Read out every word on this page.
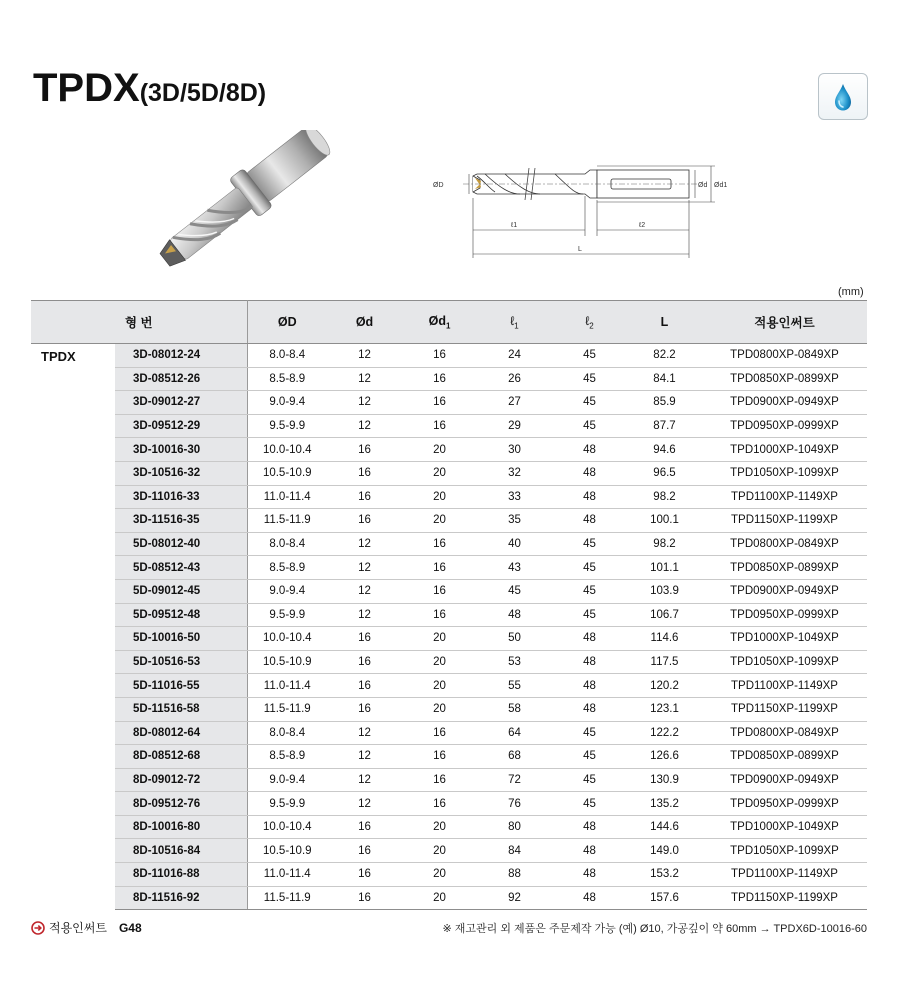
TPDX(3D/5D/8D)
ØD	Ød Ød1
ℓ1	ℓ2
L
(mm)
형 번		ØD	Ød	$Ød_1$	ℓ$_1$	ℓ$_2$	L	적용인써트
TPDX	3D-08012-24	8.0-8.4	12	16	24	45	82.2	TPD0800XP-0849XP
	3D-08512-26	8.5-8.9	12	16	26	45	84.1	TPD0850XP-0899XP
	3D-09012-27	9.0-9.4	12	16	27	45	85.9	TPD0900XP-0949XP
	3D-09512-29	9.5-9.9	12	16	29	45	87.7	TPD0950XP-0999XP
	3D-10016-30	10.0-10.4	16	20	30	48	94.6	TPD1000XP-1049XP
	3D-10516-32	10.5-10.9	16	20	32	48	96.5	TPD1050XP-1099XP
	3D-11016-33	11.0-11.4	16	20	33	48	98.2	TPD1100XP-1149XP
	3D-11516-35	11.5-11.9	16	20	35	48	100.1	TPD1150XP-1199XP
	5D-08012-40	8.0-8.4	12	16	40	45	98.2	TPD0800XP-0849XP
	5D-08512-43	8.5-8.9	12	16	43	45	101.1	TPD0850XP-0899XP
	5D-09012-45	9.0-9.4	12	16	45	45	103.9	TPD0900XP-0949XP
	5D-09512-48	9.5-9.9	12	16	48	45	106.7	TPD0950XP-0999XP
	5D-10016-50	10.0-10.4	16	20	50	48	114.6	TPD1000XP-1049XP
	5D-10516-53	10.5-10.9	16	20	53	48	117.5	TPD1050XP-1099XP
	5D-11016-55	11.0-11.4	16	20	55	48	120.2	TPD1100XP-1149XP
	5D-11516-58	11.5-11.9	16	20	58	48	123.1	TPD1150XP-1199XP
	8D-08012-64	8.0-8.4	12	16	64	45	122.2	TPD0800XP-0849XP
	8D-08512-68	8.5-8.9	12	16	68	45	126.6	TPD0850XP-0899XP
	8D-09012-72	9.0-9.4	12	16	72	45	130.9	TPD0900XP-0949XP
	8D-09512-76	9.5-9.9	12	16	76	45	135.2	TPD0950XP-0999XP
	8D-10016-80	10.0-10.4	16	20	80	48	144.6	TPD1000XP-1049XP
	8D-10516-84	10.5-10.9	16	20	84	48	149.0	TPD1050XP-1099XP
	8D-11016-88	11.0-11.4	16	20	88	48	153.2	TPD1100XP-1149XP
	8D-11516-92	11.5-11.9	16	20	92	48	157.6	TPD1150XP-1199XP
적용인써트 G48	※ 재고관리 외 제품은 주문제작 가능 (예) Ø10, 가공깊이 약 60mm → TPDX6D-10016-60
